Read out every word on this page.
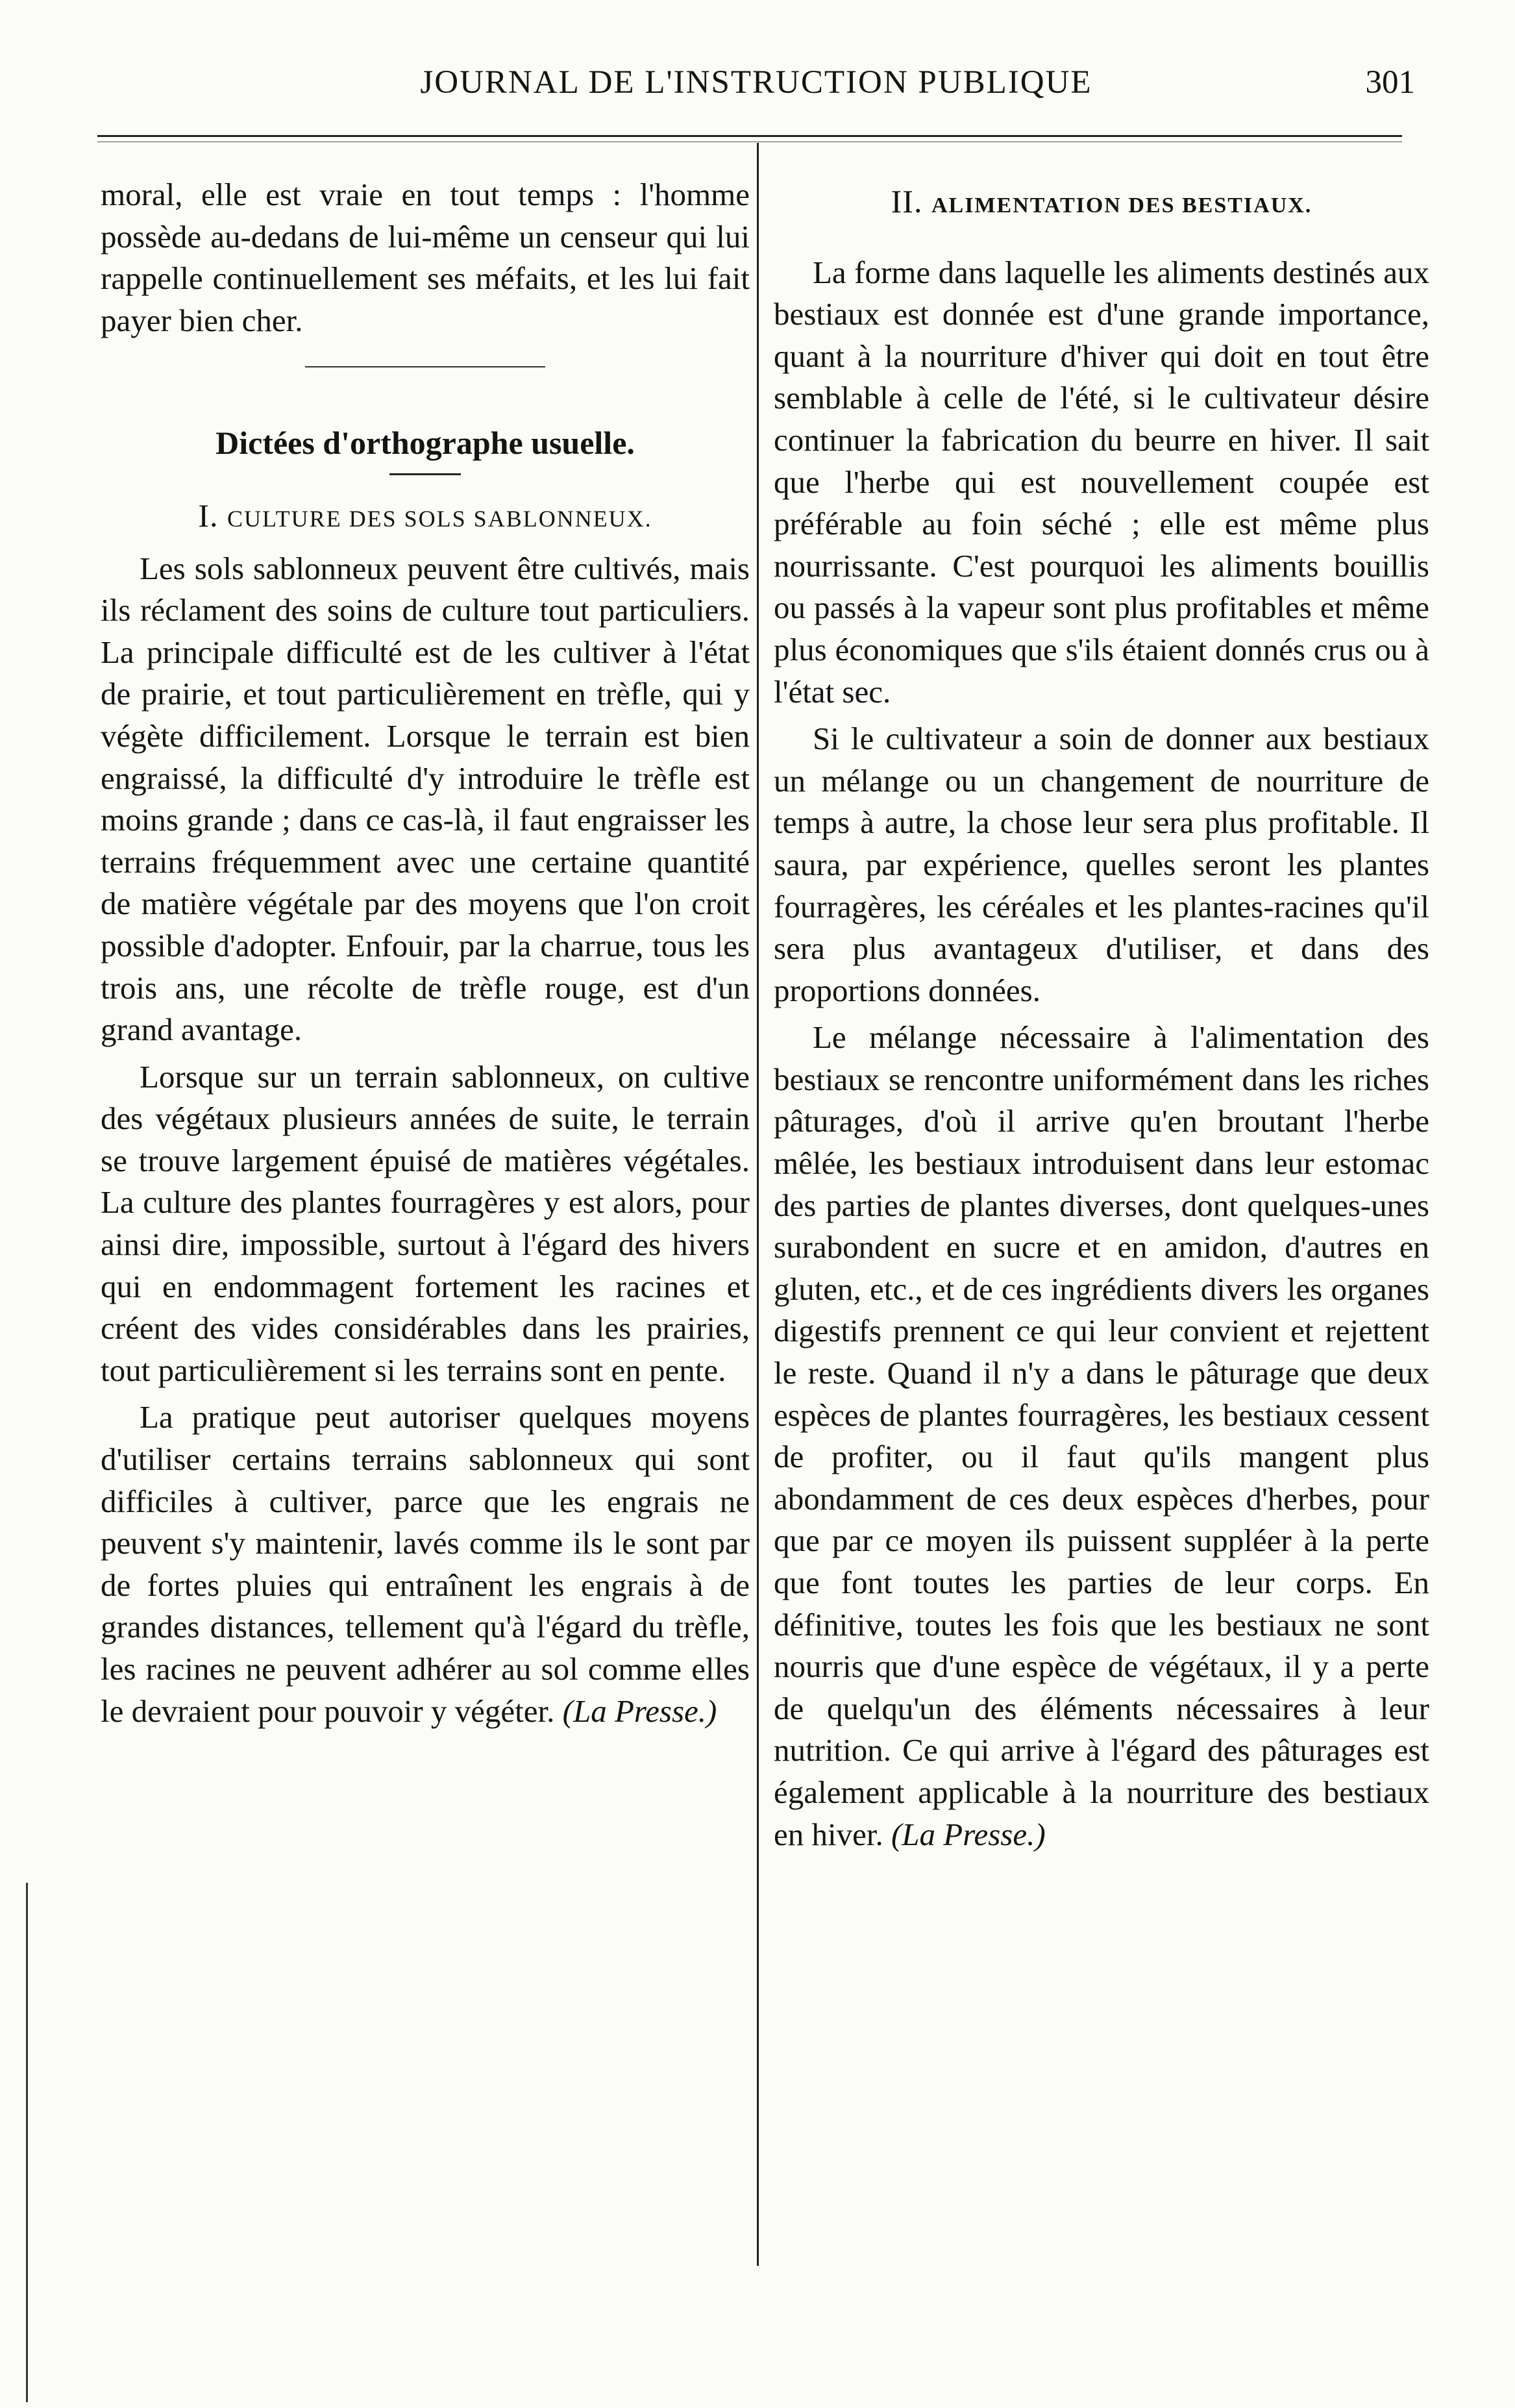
JOURNAL DE L'INSTRUCTION PUBLIQUE	301

moral, elle est vraie en tout temps : l'homme possède au-dedans de lui-même un censeur qui lui rappelle continuellement ses méfaits, et les lui fait payer bien cher.

Dictées d'orthographe usuelle.

I. CULTURE DES SOLS SABLONNEUX.

Les sols sablonneux peuvent être cultivés, mais ils réclament des soins de culture tout particuliers. La principale difficulté est de les cultiver à l'état de prairie, et tout particulièrement en trèfle, qui y végète difficilement. Lorsque le terrain est bien engraissé, la difficulté d'y introduire le trèfle est moins grande ; dans ce cas-là, il faut engraisser les terrains fréquemment avec une certaine quantité de matière végétale par des moyens que l'on croit possible d'adopter. Enfouir, par la charrue, tous les trois ans, une récolte de trèfle rouge, est d'un grand avantage.

Lorsque sur un terrain sablonneux, on cultive des végétaux plusieurs années de suite, le terrain se trouve largement épuisé de matières végétales. La culture des plantes fourragères y est alors, pour ainsi dire, impossible, surtout à l'égard des hivers qui en endommagent fortement les racines et créent des vides considérables dans les prairies, tout particulièrement si les terrains sont en pente.

La pratique peut autoriser quelques moyens d'utiliser certains terrains sablonneux qui sont difficiles à cultiver, parce que les engrais ne peuvent s'y maintenir, lavés comme ils le sont par de fortes pluies qui entraînent les engrais à de grandes distances, tellement qu'à l'égard du trèfle, les racines ne peuvent adhérer au sol comme elles le devraient pour pouvoir y végéter. (La Presse.)

II. ALIMENTATION DES BESTIAUX.

La forme dans laquelle les aliments destinés aux bestiaux est donnée est d'une grande importance, quant à la nourriture d'hiver qui doit en tout être semblable à celle de l'été, si le cultivateur désire continuer la fabrication du beurre en hiver. Il sait que l'herbe qui est nouvellement coupée est préférable au foin séché ; elle est même plus nourrissante. C'est pourquoi les aliments bouillis ou passés à la vapeur sont plus profitables et même plus économiques que s'ils étaient donnés crus ou à l'état sec.

Si le cultivateur a soin de donner aux bestiaux un mélange ou un changement de nourriture de temps à autre, la chose leur sera plus profitable. Il saura, par expérience, quelles seront les plantes fourragères, les céréales et les plantes-racines qu'il sera plus avantageux d'utiliser, et dans des proportions données.

Le mélange nécessaire à l'alimentation des bestiaux se rencontre uniformément dans les riches pâturages, d'où il arrive qu'en broutant l'herbe mêlée, les bestiaux introduisent dans leur estomac des parties de plantes diverses, dont quelques-unes surabondent en sucre et en amidon, d'autres en gluten, etc., et de ces ingrédients divers les organes digestifs prennent ce qui leur convient et rejettent le reste. Quand il n'y a dans le pâturage que deux espèces de plantes fourragères, les bestiaux cessent de profiter, ou il faut qu'ils mangent plus abondamment de ces deux espèces d'herbes, pour que par ce moyen ils puissent suppléer à la perte que font toutes les parties de leur corps. En définitive, toutes les fois que les bestiaux ne sont nourris que d'une espèce de végétaux, il y a perte de quelqu'un des éléments nécessaires à leur nutrition. Ce qui arrive à l'égard des pâturages est également applicable à la nourriture des bestiaux en hiver. (La Presse.)
